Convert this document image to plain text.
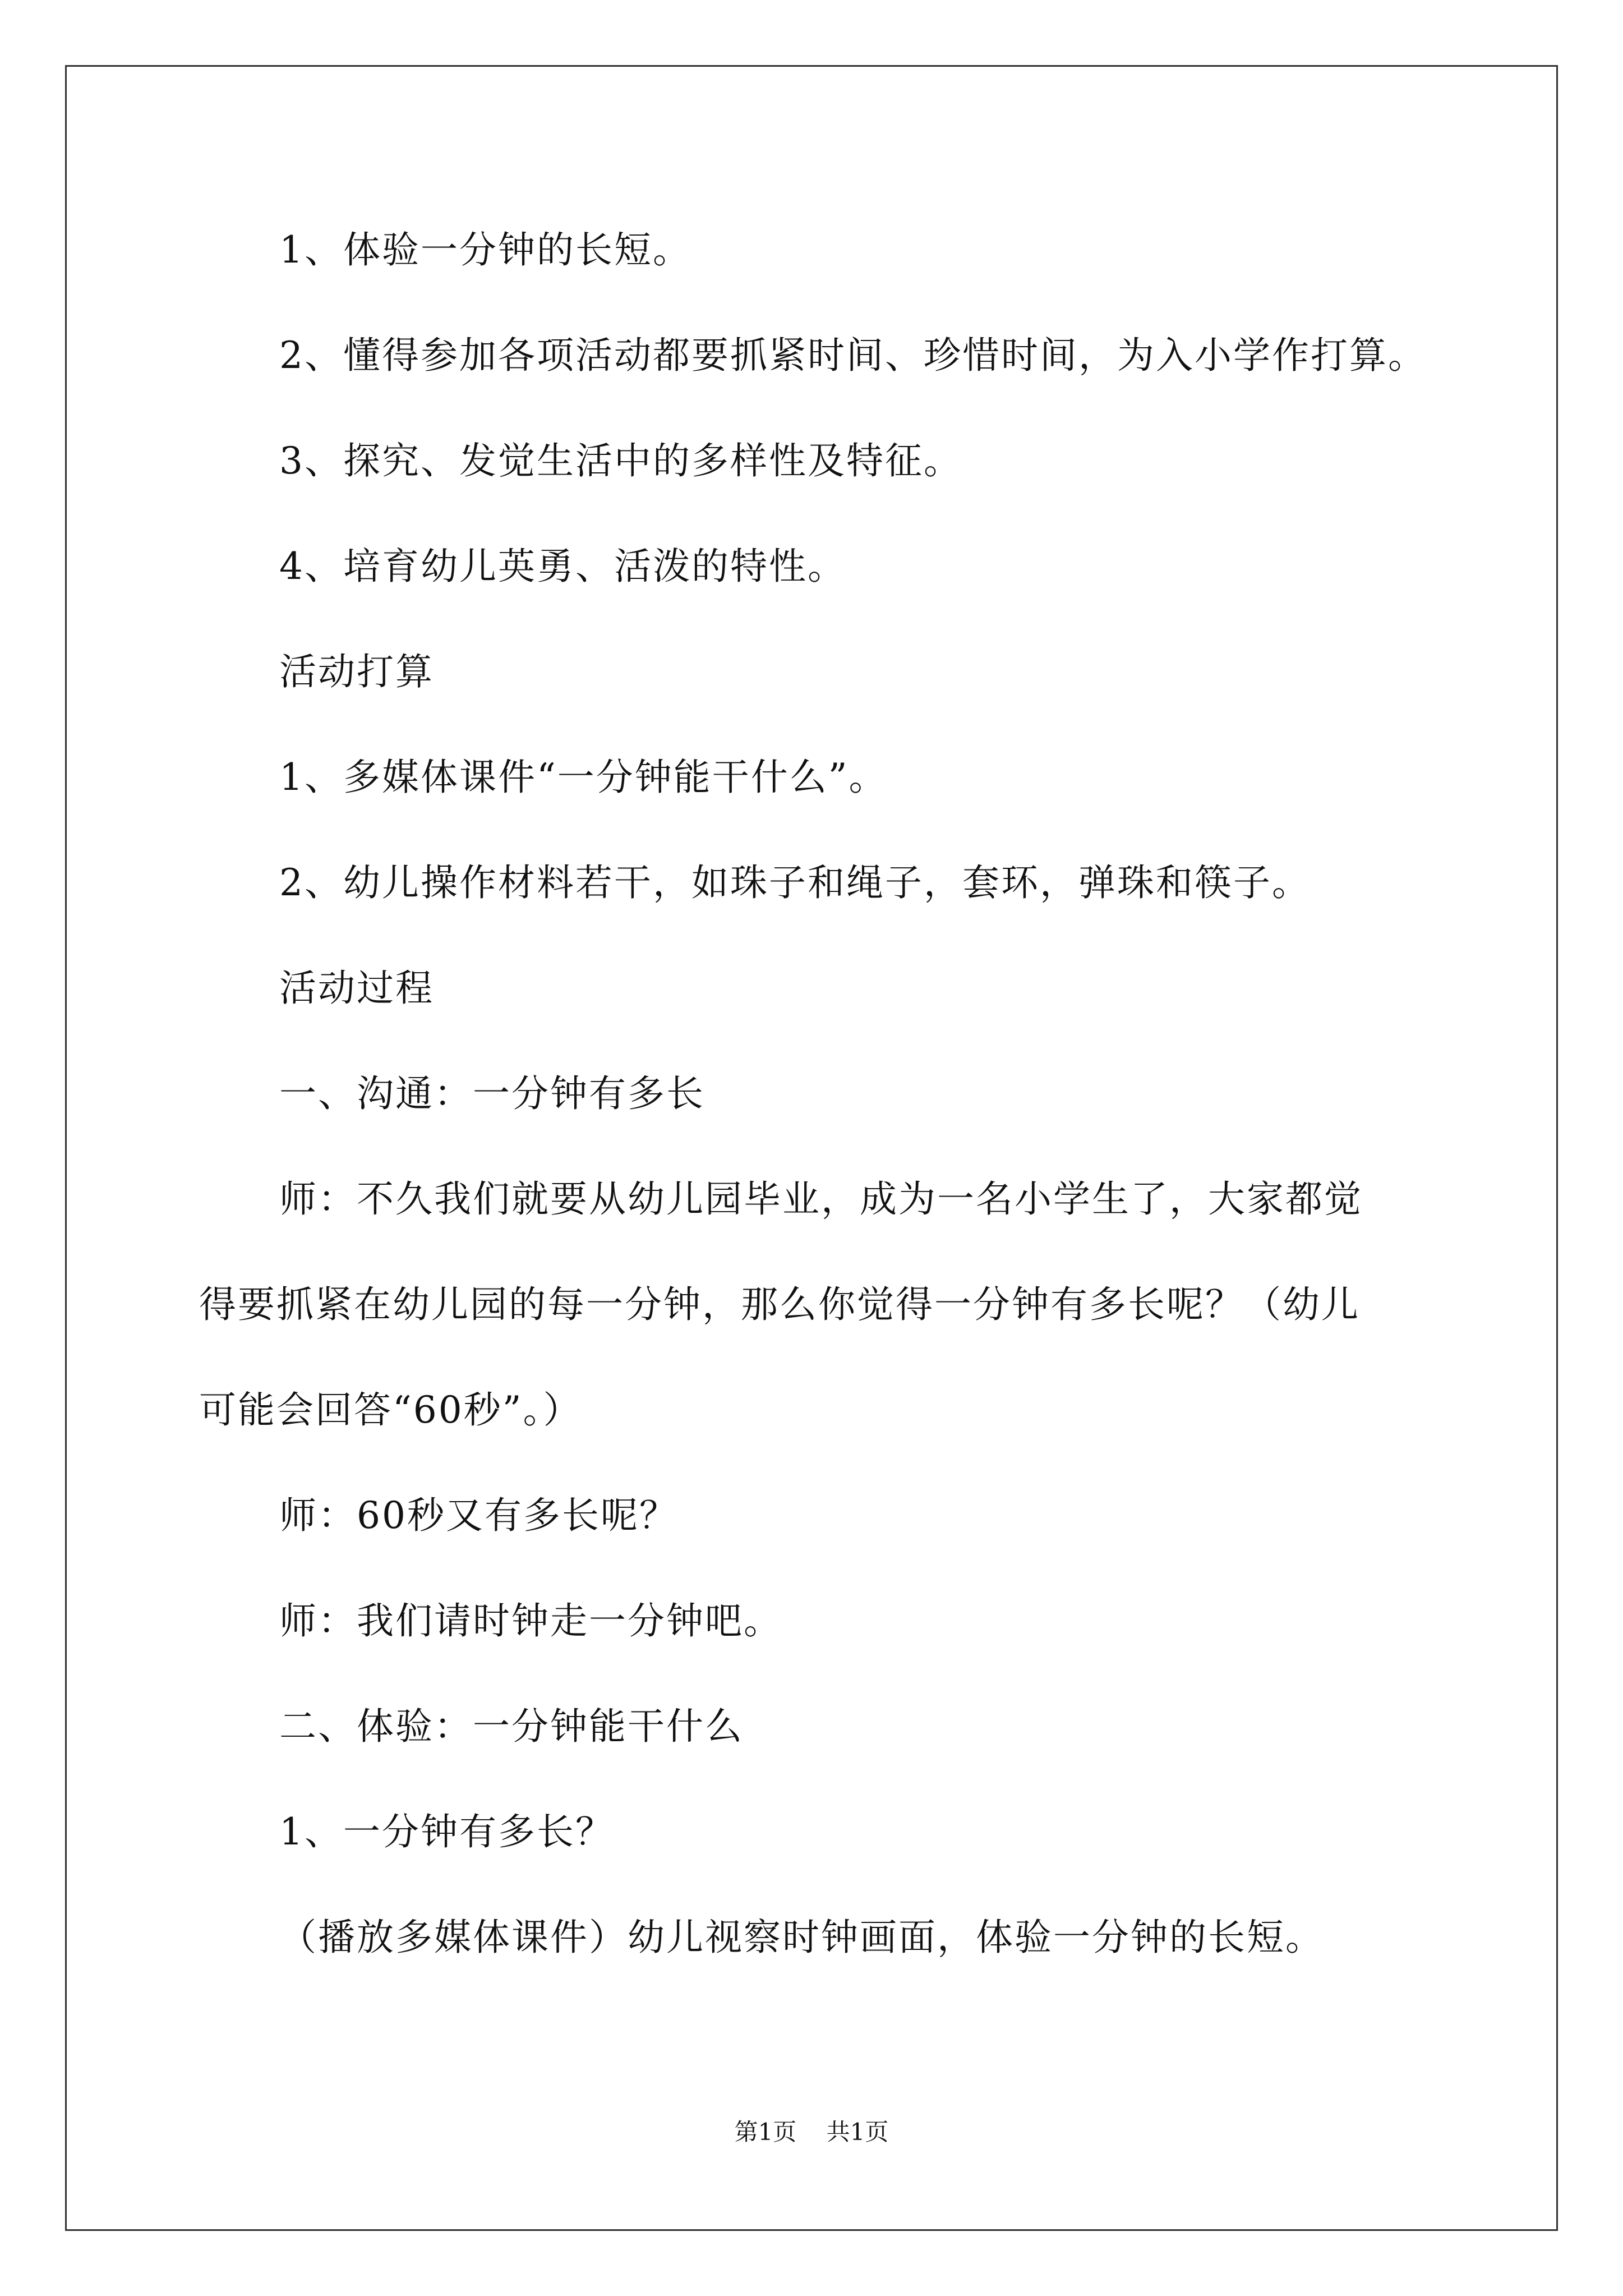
1、体验一分钟的长短。

2、懂得参加各项活动都要抓紧时间、珍惜时间，为入小学作打算。

3、探究、发觉生活中的多样性及特征。

4、培育幼儿英勇、活泼的特性。

活动打算

1、多媒体课件“一分钟能干什么”。

2、幼儿操作材料若干，如珠子和绳子，套环，弹珠和筷子。

活动过程

一、沟通：一分钟有多长

师：不久我们就要从幼儿园毕业，成为一名小学生了，大家都觉

得要抓紧在幼儿园的每一分钟，那么你觉得一分钟有多长呢？（幼儿

可能会回答“60秒”。）

师：60秒又有多长呢？

师：我们请时钟走一分钟吧。

二、体验：一分钟能干什么

1、一分钟有多长？

（播放多媒体课件）幼儿视察时钟画面，体验一分钟的长短。

第1页    共1页
